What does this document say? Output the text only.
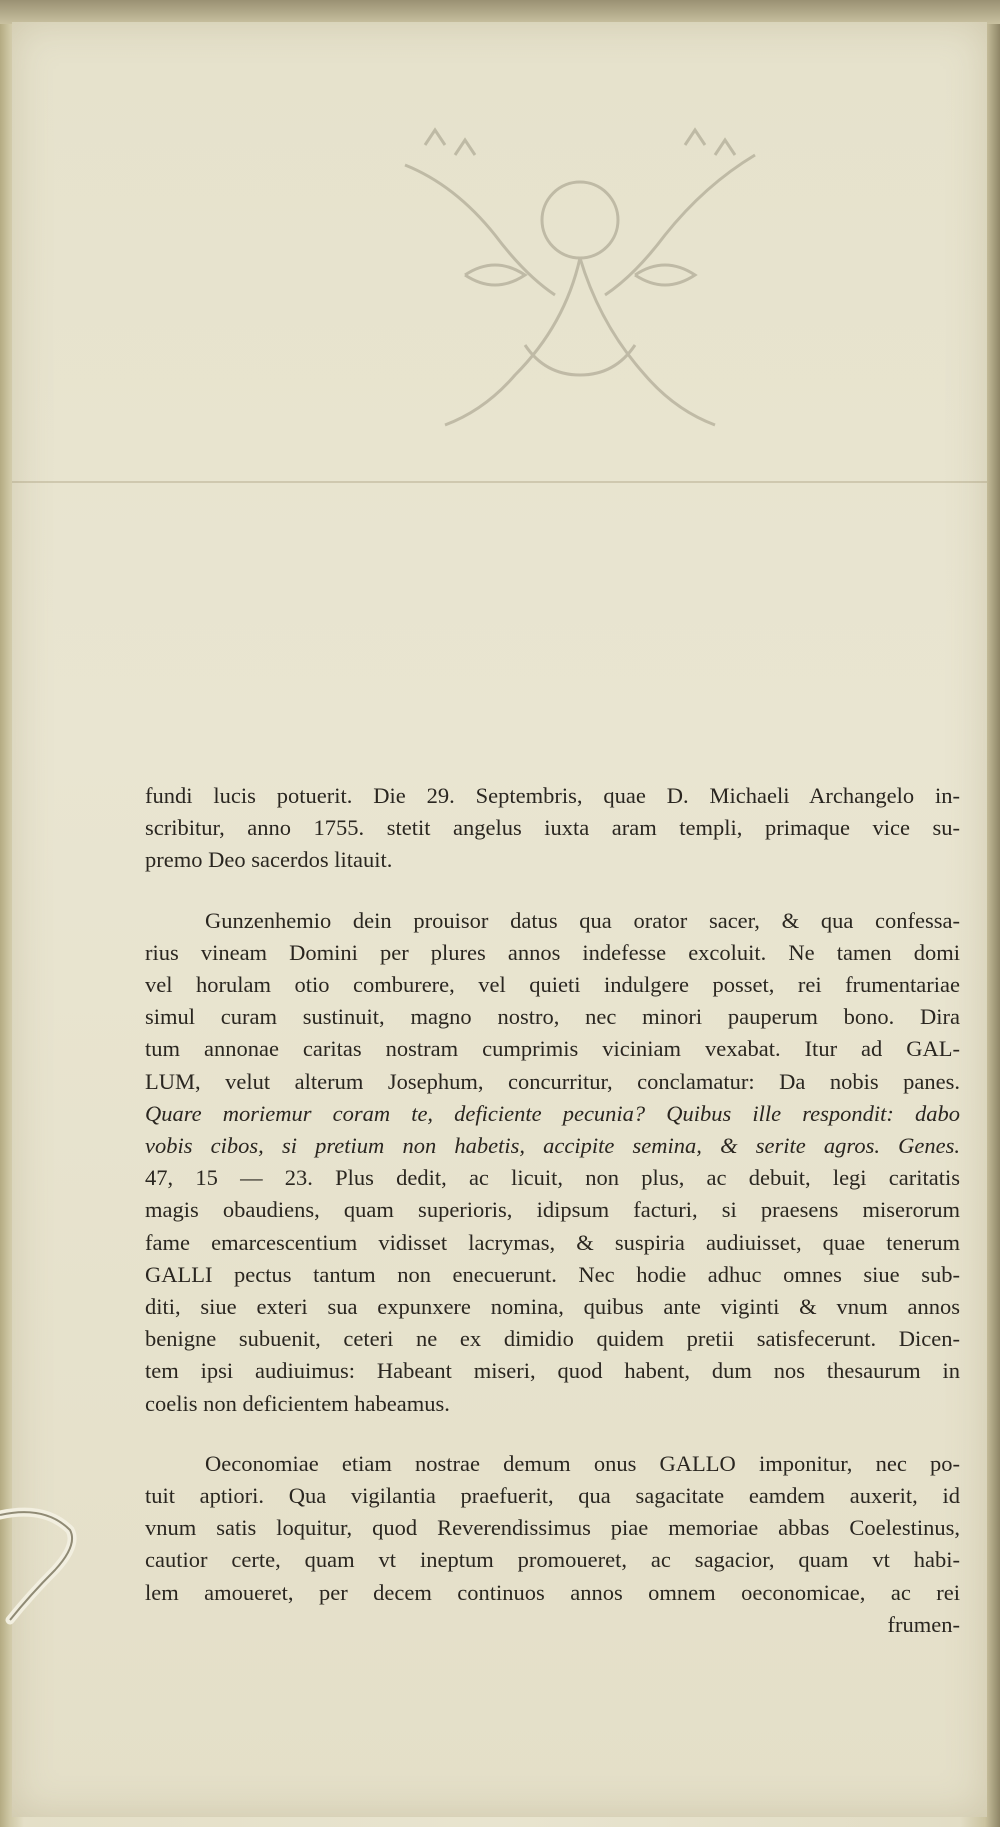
fundi lucis potuerit. Die 29. Septembris, quae D. Michaeli Archangelo in-
scribitur, anno 1755. stetit angelus iuxta aram templi, primaque vice su-
premo Deo sacerdos litauit.

Gunzenhemio dein prouisor datus qua orator sacer, & qua confessa-
rius vineam Domini per plures annos indefesse excoluit. Ne tamen domi
vel horulam otio comburere, vel quieti indulgere posset, rei frumentariae
simul curam sustinuit, magno nostro, nec minori pauperum bono. Dira
tum annonae caritas nostram cumprimis viciniam vexabat. Itur ad GAL-
LUM, velut alterum Josephum, concurritur, conclamatur: Da nobis panes.
Quare moriemur coram te, deficiente pecunia? Quibus ille respondit: dabo
vobis cibos, si pretium non habetis, accipite semina, & serite agros. Genes.
47, 15 — 23. Plus dedit, ac licuit, non plus, ac debuit, legi caritatis
magis obaudiens, quam superioris, idipsum facturi, si praesens miserorum
fame emarcescentium vidisset lacrymas, & suspiria audiuisset, quae tenerum
GALLI pectus tantum non enecuerunt. Nec hodie adhuc omnes siue sub-
diti, siue exteri sua expunxere nomina, quibus ante viginti & vnum annos
benigne subuenit, ceteri ne ex dimidio quidem pretii satisfecerunt. Dicen-
tem ipsi audiuimus: Habeant miseri, quod habent, dum nos thesaurum in
coelis non deficientem habeamus.

Oeconomiae etiam nostrae demum onus GALLO imponitur, nec po-
tuit aptiori. Qua vigilantia praefuerit, qua sagacitate eamdem auxerit, id
vnum satis loquitur, quod Reverendissimus piae memoriae abbas Coelestinus,
cautior certe, quam vt ineptum promoueret, ac sagacior, quam vt habi-
lem amoueret, per decem continuos annos omnem oeconomicae, ac rei
frumen-
